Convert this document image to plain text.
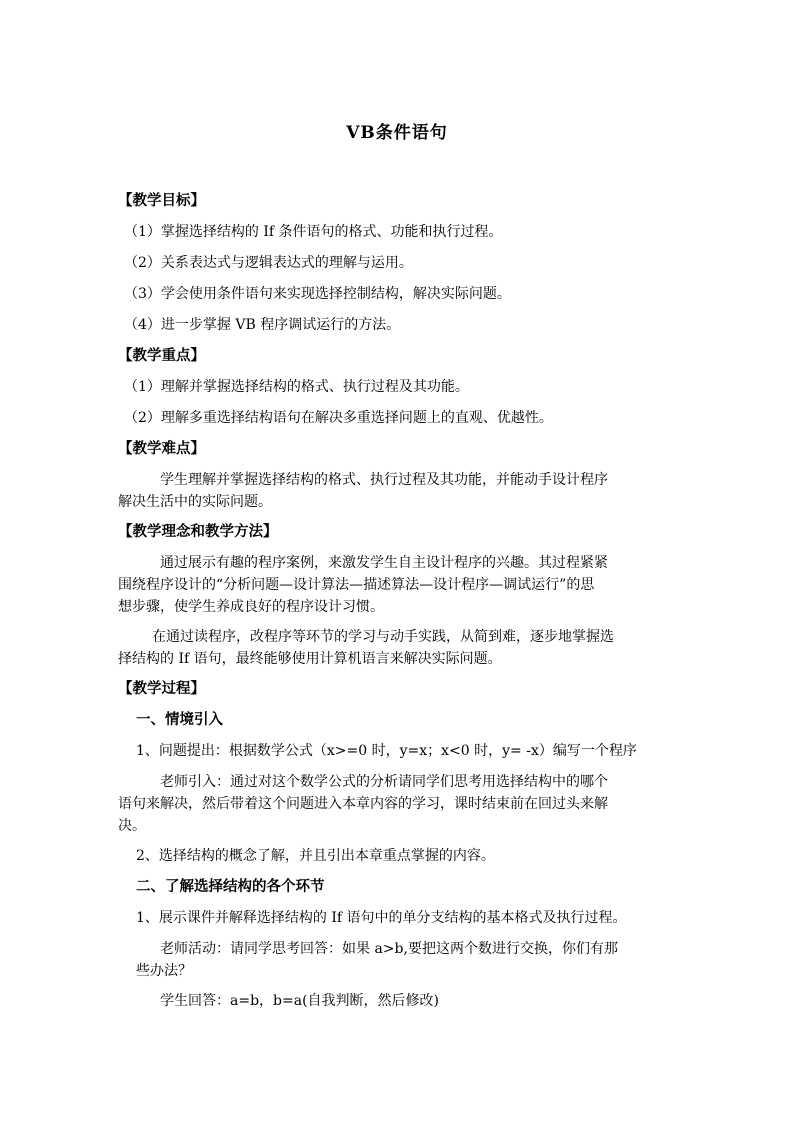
VB条件语句
【教学目标】
（1）掌握选择结构的 If 条件语句的格式、功能和执行过程。
（2）关系表达式与逻辑表达式的理解与运用。
（3）学会使用条件语句来实现选择控制结构，解决实际问题。
（4）进一步掌握 VB 程序调试运行的方法。
【教学重点】
（1）理解并掌握选择结构的格式、执行过程及其功能。
（2）理解多重选择结构语句在解决多重选择问题上的直观、优越性。
【教学难点】
学生理解并掌握选择结构的格式、执行过程及其功能，并能动手设计程序
解决生活中的实际问题。
【教学理念和教学方法】
通过展示有趣的程序案例，来激发学生自主设计程序的兴趣。其过程紧紧
围绕程序设计的“分析问题—设计算法—描述算法—设计程序—调试运行”的思
想步骤，使学生养成良好的程序设计习惯。
在通过读程序，改程序等环节的学习与动手实践，从简到难，逐步地掌握选
择结构的 If 语句，最终能够使用计算机语言来解决实际问题。
【教学过程】
一、情境引入
1、问题提出：根据数学公式（x>=0 时，y=x；x<0 时，y= -x）编写一个程序
老师引入：通过对这个数学公式的分析请同学们思考用选择结构中的哪个
语句来解决，然后带着这个问题进入本章内容的学习，课时结束前在回过头来解
决。
2、选择结构的概念了解，并且引出本章重点掌握的内容。
二、了解选择结构的各个环节
1、展示课件并解释选择结构的 If 语句中的单分支结构的基本格式及执行过程。
老师活动：请同学思考回答：如果 a>b,要把这两个数进行交换，你们有那
些办法？
学生回答：a=b，b=a(自我判断，然后修改)
